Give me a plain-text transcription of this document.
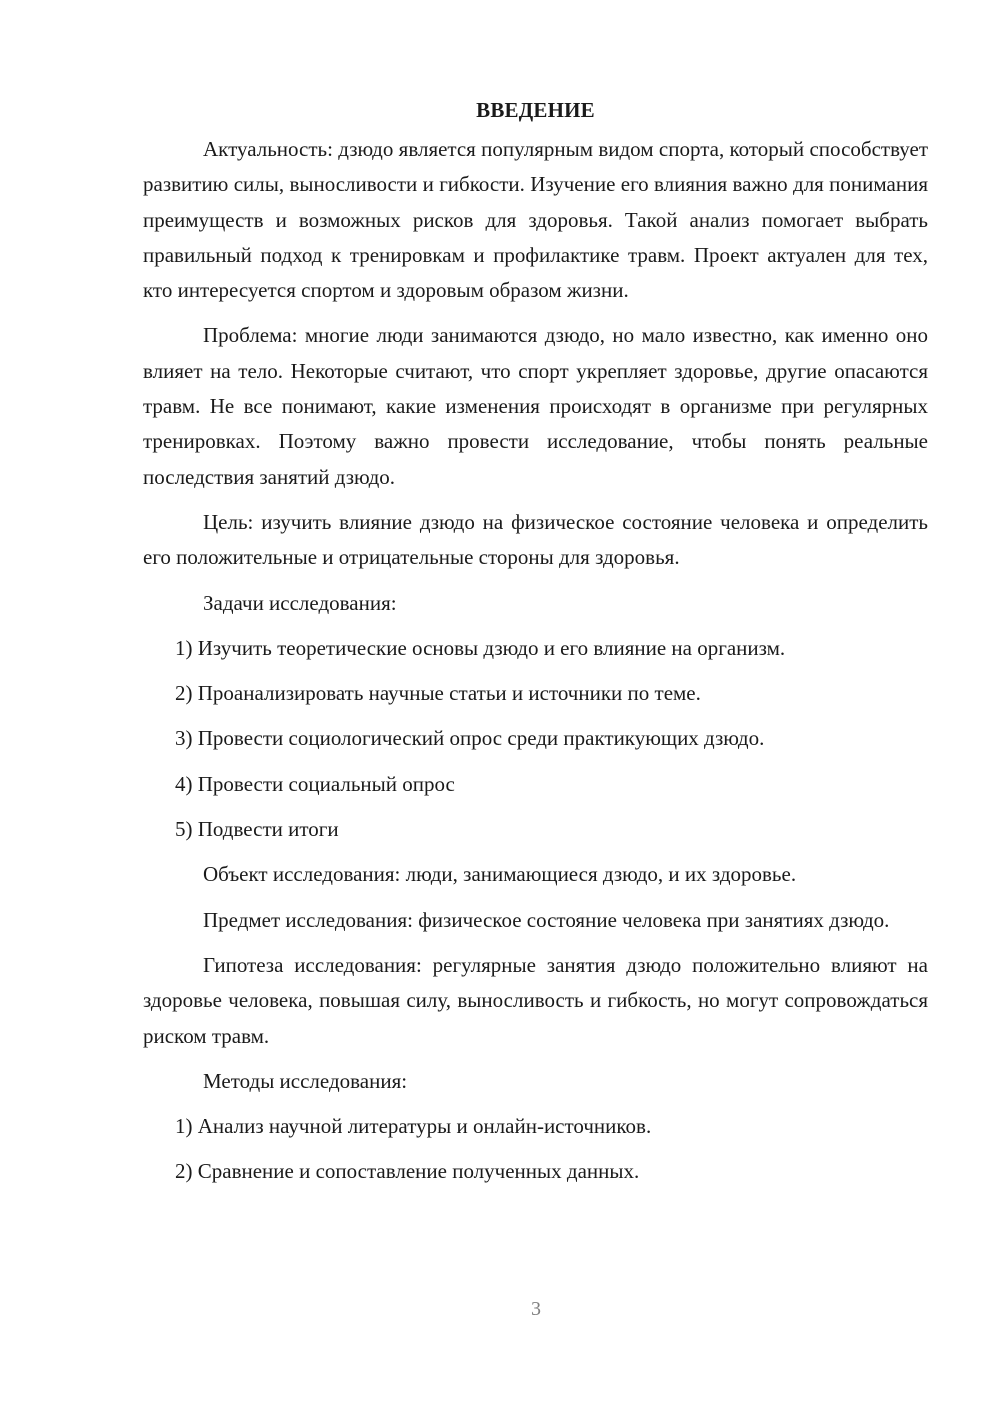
ВВЕДЕНИЕ

Актуальность: дзюдо является популярным видом спорта, который способствует развитию силы, выносливости и гибкости. Изучение его влияния важно для понимания преимуществ и возможных рисков для здоровья. Такой анализ помогает выбрать правильный подход к тренировкам и профилактике травм. Проект актуален для тех, кто интересуется спортом и здоровым образом жизни.

Проблема: многие люди занимаются дзюдо, но мало известно, как именно оно влияет на тело. Некоторые считают, что спорт укрепляет здоровье, другие опасаются травм. Не все понимают, какие изменения происходят в организме при регулярных тренировках. Поэтому важно провести исследование, чтобы понять реальные последствия занятий дзюдо.

Цель: изучить влияние дзюдо на физическое состояние человека и определить его положительные и отрицательные стороны для здоровья.

Задачи исследования:

1) Изучить теоретические основы дзюдо и его влияние на организм.

2) Проанализировать научные статьи и источники по теме.

3) Провести социологический опрос среди практикующих дзюдо.

4) Провести социальный опрос

5) Подвести итоги

Объект исследования: люди, занимающиеся дзюдо, и их здоровье.

Предмет исследования: физическое состояние человека при занятиях дзюдо.

Гипотеза исследования: регулярные занятия дзюдо положительно влияют на здоровье человека, повышая силу, выносливость и гибкость, но могут сопровождаться риском травм.

Методы исследования:

1) Анализ научной литературы и онлайн-источников.

2) Сравнение и сопоставление полученных данных.

3
